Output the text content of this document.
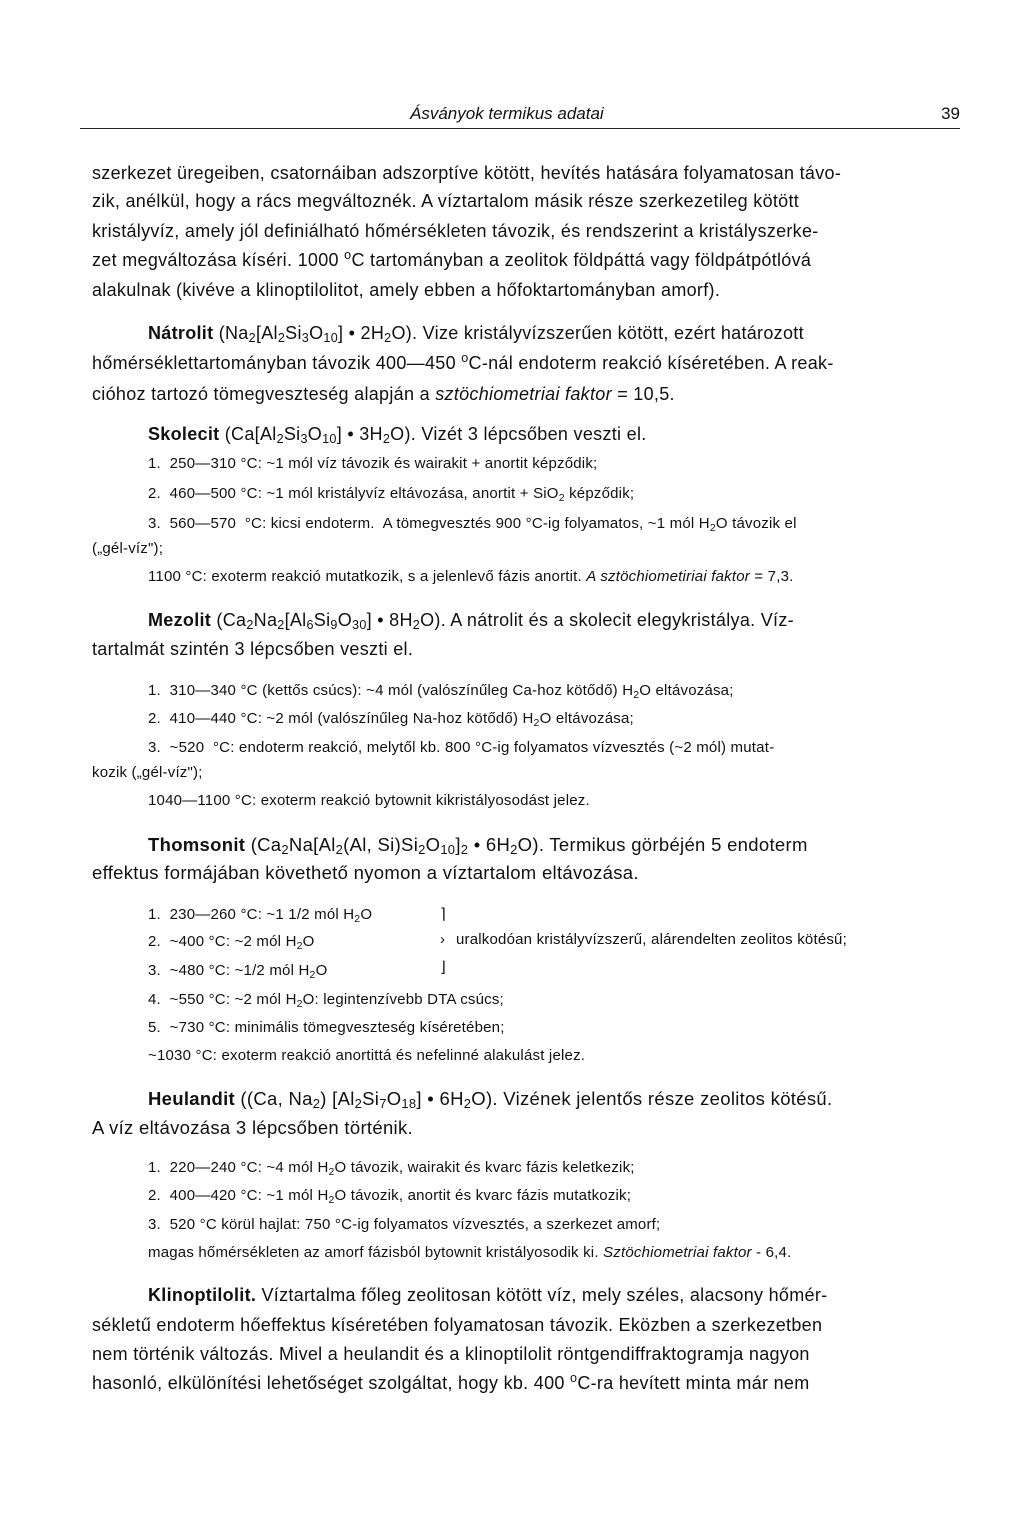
Ásványok termikus adatai	39
szerkezet üregeiben, csatornáiban adszorptíve kötött, hevítés hatására folyamatosan távo-
zik, anélkül, hogy a rács megváltoznék. A víztartalom másik része szerkezetileg kötött
kristályvíz, amely jól definiálható hőmérsékleten távozik, és rendszerint a kristályszerke-
zet megváltozása kíséri. 1000 $^o$C tartományban a zeolitok földpáttá vagy földpátpótlóvá
alakulnak (kivéve a klinoptilolitot, amely ebben a hőfoktartományban amorf).
Nátrolit ($Na_2[Al_2Si_3O_{10}]$ • $2H_2O$). Vize kristályvízszerűen kötött, ezért határozott
hőmérséklettartományban távozik 400—450 $^o$C-nál endoterm reakció kíséretében. A reak-
cióhoz tartozó tömegveszteség alapján a sztöchiometriai faktor = 10,5.
Skolecit ($Ca[Al_2Si_3O_{10}]$ • $3H_2O$). Vizét 3 lépcsőben veszti el.
1.  250—310 °C: ~1 mól víz távozik és wairakit + anortit képződik;
2.  460—500 °C: ~1 mól kristályvíz eltávozása, anortit + SiO$_2$ képződik;
3.  560—570  °C: kicsi endoterm.  A tömegvesztés 900 °C-ig folyamatos, ~1 mól $H_2O$ távozik el
(„gél-víz");
1100 °C: exoterm reakció mutatkozik, s a jelenlevő fázis anortit. A sztöchiometiriai faktor = 7,3.
Mezolit ($Ca_2Na_2[Al_6Si_9O_{30}]$ • $8H_2O$). A nátrolit és a skolecit elegykristálya. Víz-
tartalmát szintén 3 lépcsőben veszti el.
1.  310—340 °C (kettős csúcs): ~4 mól (valószínűleg Ca-hoz kötődő) $H_2O$ eltávozása;
2.  410—440 °C: ~2 mól (valószínűleg Na-hoz kötődő) $H_2O$ eltávozása;
3.  ~520  °C: endoterm reakció, melytől kb. 800 °C-ig folyamatos vízvesztés (~2 mól) mutat-
kozik („gél-víz");
1040—1100 °C: exoterm reakció bytownit kikristályosodást jelez.
Thomsonit ($Ca_2Na[Al_2(Al$, $Si)Si_2O_{10}]_2$ • $6H_2O$). Termikus görbéjén 5 endoterm
effektus formájában követhető nyomon a víztartalom eltávozása.
1.  230—260 °C: ~1 1/2 mól $H_2O$
2.  ~400 °C: ~2 mól $H_2O$
⌉
›
⌋
uralkodóan kristályvízszerű, alárendelten zeolitos kötésű;
3.  ~480 °C: ~1/2 mól $H_2O$
4.  ~550 °C: ~2 mól $H_2O$: legintenzívebb DTA csúcs;
5.  ~730 °C: minimális tömegveszteség kíséretében;
~1030 °C: exoterm reakció anortittá és nefelinné alakulást jelez.
Heulandit ((Ca, $Na_2$) $[Al_2Si_7O_{18}]$ • $6H_2O$). Vizének jelentős része zeolitos kötésű.
A víz eltávozása 3 lépcsőben történik.
1.  220—240 °C: ~4 mól $H_2O$ távozik, wairakit és kvarc fázis keletkezik;
2.  400—420 °C: ~1 mól $H_2O$ távozik, anortit és kvarc fázis mutatkozik;
3.  520 °C körül hajlat: 750 °C-ig folyamatos vízvesztés, a szerkezet amorf;
magas hőmérsékleten az amorf fázisból bytownit kristályosodik ki. Sztöchiometriai faktor - 6,4.
Klinoptilolit. Víztartalma főleg zeolitosan kötött víz, mely széles, alacsony hőmér-
sékletű endoterm hőeffektus kíséretében folyamatosan távozik. Eközben a szerkezetben
nem történik változás. Mivel a heulandit és a klinoptilolit röntgendiffraktogramja nagyon
hasonló, elkülönítési lehetőséget szolgáltat, hogy kb. 400 $^o$C-ra hevített minta már nem
